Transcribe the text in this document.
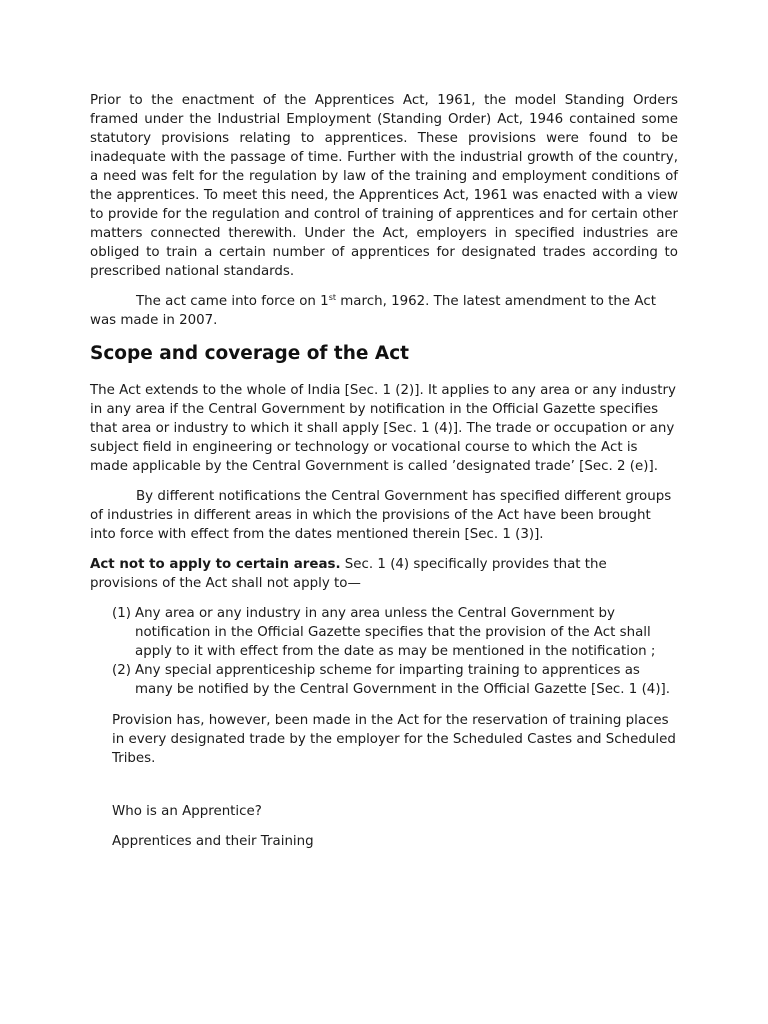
Prior to the enactment of the Apprentices Act, 1961, the model Standing Orders framed under the Industrial Employment (Standing Order) Act, 1946 contained some statutory provisions relating to apprentices. These provisions were found to be inadequate with the passage of time. Further with the industrial growth of the country, a need was felt for the regulation by law of the training and employment conditions of the apprentices. To meet this need, the Apprentices Act, 1961 was enacted with a view to provide for the regulation and control of training of apprentices and for certain other matters connected therewith. Under the Act, employers in specified industries are obliged to train a certain number of apprentices for designated trades according to prescribed national standards.

The act came into force on 1st march, 1962. The latest amendment to the Act was made in 2007.

Scope and coverage of the Act

The Act extends to the whole of India [Sec. 1 (2)]. It applies to any area or any industry in any area if the Central Government by notification in the Official Gazette specifies that area or industry to which it shall apply [Sec. 1 (4)]. The trade or occupation or any subject field in engineering or technology or vocational course to which the Act is made applicable by the Central Government is called ’designated trade’ [Sec. 2 (e)].

By different notifications the Central Government has specified different groups of industries in different areas in which the provisions of the Act have been brought into force with effect from the dates mentioned therein [Sec. 1 (3)].

Act not to apply to certain areas. Sec. 1 (4) specifically provides that the provisions of the Act shall not apply to—

(1) Any area or any industry in any area unless the Central Government by notification in the Official Gazette specifies that the provision of the Act shall apply to it with effect from the date as may be mentioned in the notification ;
(2) Any special apprenticeship scheme for imparting training to apprentices as many be notified by the Central Government in the Official Gazette [Sec. 1 (4)].

Provision has, however, been made in the Act for the reservation of training places in every designated trade by the employer for the Scheduled Castes and Scheduled Tribes.

Who is an Apprentice?

Apprentices and their Training
